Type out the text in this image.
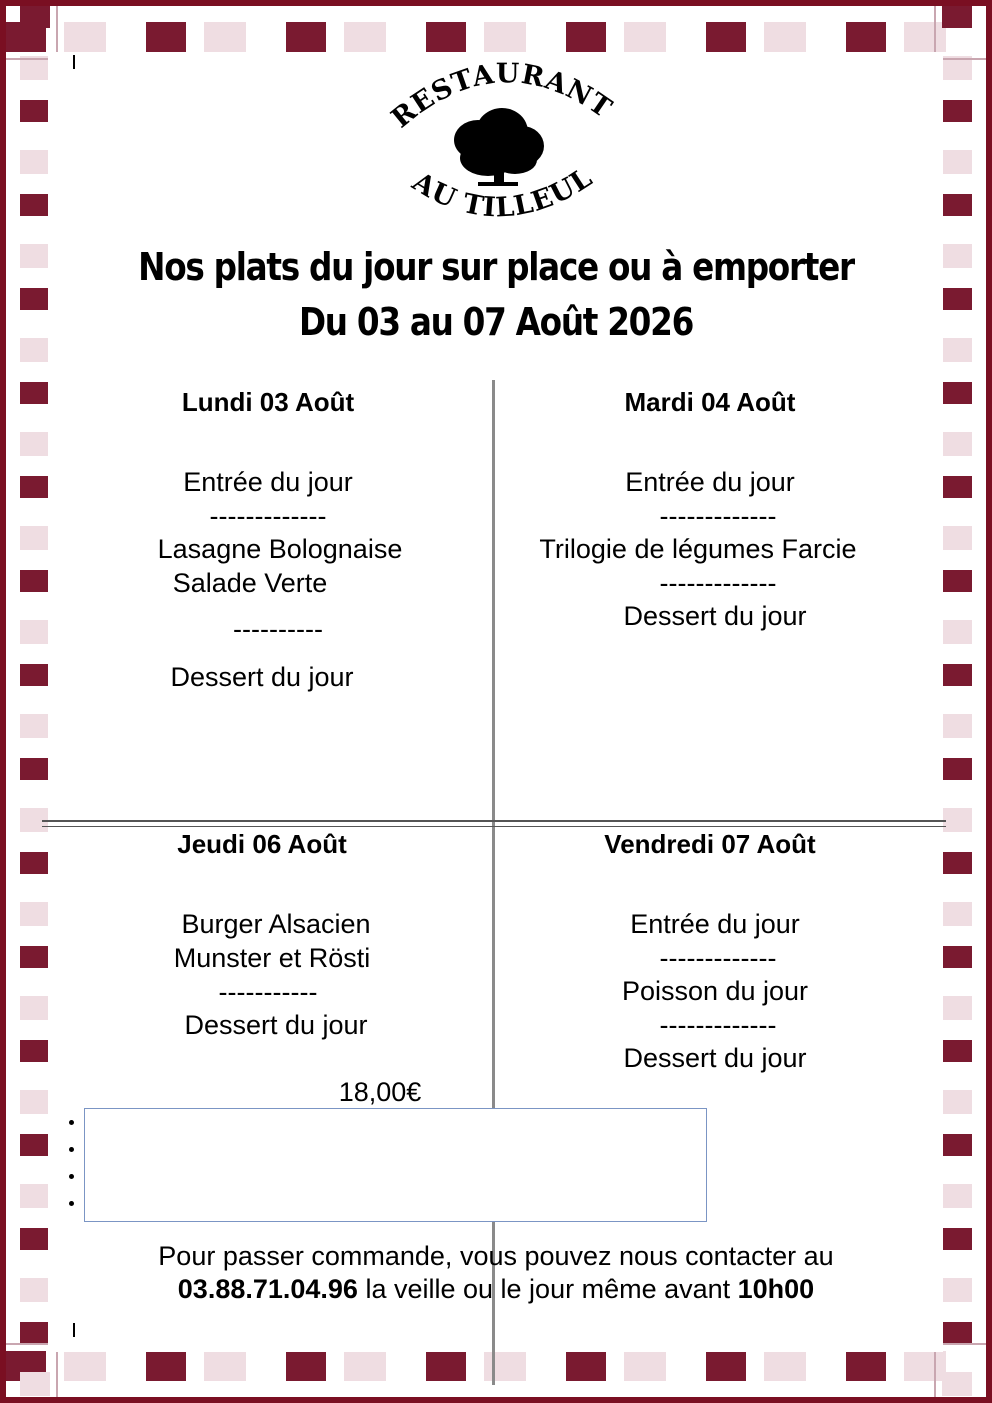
RESTAURANT
AU TILLEUL
Nos plats du jour sur place ou à emporter
Du 03 au 07 Août 2026
Lundi 03 Août
Entrée du jour
-------------
Lasagne Bolognaise
Salade Verte
----------
Dessert du jour
Mardi 04 Août
Entrée du jour
-------------
Trilogie de légumes Farcie
-------------
Dessert du jour
Jeudi 06 Août
Burger Alsacien
Munster et Rösti
-----------
Dessert du jour
18,00€
Vendredi 07 Août
Entrée du jour
-------------
Poisson du jour
-------------
Dessert du jour
Pour passer commande, vous pouvez nous contacter au
03.88.71.04.96 la veille ou le jour même avant 10h00
